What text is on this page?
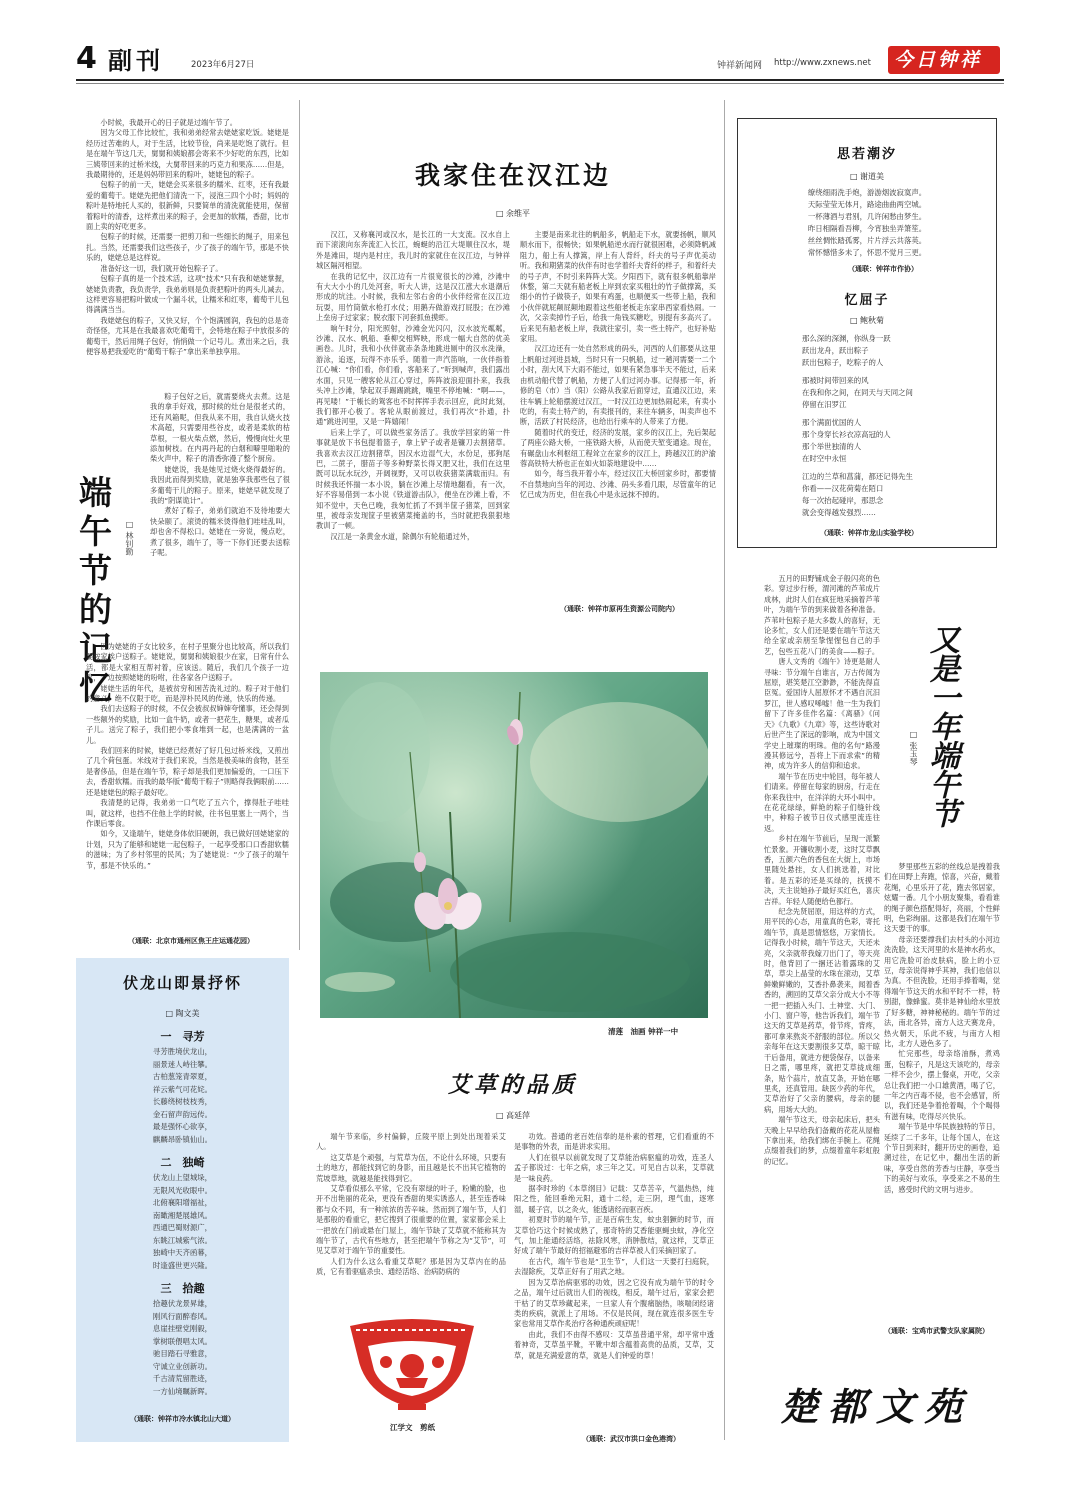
4 副刊	2023年6月27日	钟祥新闻网 http://www.zxnews.net 今日钟祥

小时候，我最开心的日子就是过端午节了。

因为父母工作比较忙，我和弟弟经常去姥姥家吃饭。姥姥是经历过苦难的人，对于生活，比较节俭，尚来是吃饱了就行。但是在端午节这几天，舅舅和姨娘都会寄来不少好吃的东西，比如三姨带回来的过桥米线，大舅带回来的巧克力和果冻……但是，我最期待的，还是妈妈带回来的粽叶，姥姥包的粽子。

包粽子的前一天，姥姥会买来很多的糯米、红枣，还有我最爱的葡萄干。姥姥先把他们清洗一下，浸泡三四个小时；妈妈的粽叶是特地托人买的，很新鲜，只要简单的清洗就能使用，保留着粽叶的清香，这样煮出来的粽子，会更加的软糯，香甜，比市面上卖的好吃更多。

包粽子的时候，还需要一把剪刀和一些细长的绳子，用来包扎。当然，还需要我们这些孩子，少了孩子的端午节，那是不快乐的，姥姥总是这样说。

准备好这一切，我们就开始包粽子了。

包粽子真的是一个技术活，这项“技术”只有我和姥姥掌握，姥姥负责教，我负责学，我弟弟则是负责把粽叶的两头儿减去。这样更容易把粽叶做成一个漏斗状，让糯米和红枣，葡萄干儿包得满满当当。

我姥姥包的粽子，又快又好，个个饱满圆润，我包的总是奇奇怪怪，尤其是在我最喜欢吃葡萄干，会特地在粽子中放很多的葡萄干，然后用绳子包好，悄悄做一个记号儿。煮出来之后，我便容易把我爱吃的“葡萄干粽子”拿出来单独享用。

端午节的记忆 □ 林钊勤

粽子包好之后，就需要烧火去煮。这是我的拿手好戏，那时候的灶台是很老式的，还有风箱呢，但我从来不用，我自认烧火技术高超，只需要用些谷皮，或者是柔软的枯草根，一根火柴点燃，然后，慢慢向灶火里添加树枝。在内再丹起的白烟和噼里啪啦的柴火声中，粽子的清香弥漫了整个厨房。

姥姥说，我是她见过烧火烧得最好的。我因此而得到奖励，就是独享我那些包了很多葡萄干儿的粽子。原来，姥姥早就发现了我的“阴谋诡计”。

煮好了粽子，弟弟们就迫不及待地要大快朵颐了。滚烫的糯米烫得他们哇哇乱叫，却也舍不得松口。姥姥在一旁说，慢点吃，煮了很多，端午了，等一下你们还要去送粽子呢。

因为姥姥的子女比较多，在村子里聚分也比较高，所以我们要按家挨户送粽子。姥姥说，舅舅和姨娘很少在家，日常有什么活，都是大家相互帮衬着，应该送。随后，我们几个孩子一边吃，一边按照姥姥的吩咐，往各家各户送粽子。

姥姥生活的年代，是被贫穷和困苦洗礼过的。粽子对于他们的意义，绝不仅限于吃，而是淳朴民风的传递，快乐的传递。

我们去送粽子的时候，不仅会被叔叔婶婶夸懂事，还会得到一些额外的奖励，比如一盒牛奶，或者一把花生，糖果，或者瓜子儿。送完了粽子，我们把小零食堆到一起，也是满满的一盆儿。

我们回来的时候，姥姥已经煮好了好几包过桥米线，又煎出了几个荷包蛋。米线对于我们来说，当然是极美味的食物，甚至是奢侈品，但是在端午节，粽子却是我们更加偏爱的，一口压下去，香甜软糯。而我的最华版“葡萄干粽子”则略得我俩眼前……还是姥姥包的粽子最好吃。

我清楚的记得，我弟弟一口气吃了五六个，撑得肚子哇哇叫，就这样，也挡不住他上学的时候，往书包里塞上一两个，当作课后零食。

如今，又逢端午，姥姥身体依旧硬朗，我已做好回姥姥家的计划，只为了能够和姥姥一起包粽子，一起享受那口口香甜软糯的滋味；为了乡村邻里的民风；为了姥姥说：“少了孩子的端午节，那是不快乐的。”

（通联：北京市通州区焦王庄运通花园）
伏龙山即景抒怀
□ 陶文美
一　寻芳
寻芳胜境伏龙山，
丽景迷人峙往攀。
古柏葱笼青翠夏，
祥云紫气可花姹。
长藤绕树枝枝秀，
金石留声韵远传。
最是强怀心欲享，
麒麟昂卧镇仙山。
二　独崎
伏龙山上望城垛，
无限风光收眼中。
北俯襄阳增福祉，
南瞰湘楚展雄风。
西通巴蜀财源广，
东眺江城紫气浓。
独崎中天齐函幕，
时逢盛世更兴隆。
三　拾趣
拾趣伏龙景昇雄，
刚风行面醉春风。
息崖挂壁党刚毅，
掌树联偎唱太风。
驰目踏石寻雅意，
守诚立业创新功。
千古清荒留胜迹，
一方仙境瞩新晖。
（通联：钟祥市冷水镇北山大道）
我家住在汉江边
□ 余维平

汉江，又称襄河或汉水，是长江的一大支流。汉水自上而下滚滚向东奔流汇入长江，蜿蜒的沿江大堤顺住汉水，堤外是滩田，堤内是村庄，我儿时的家就住在汉江边，与钟祥城区隔河相望。

在我的记忆中，汉江边有一片很宽很长的沙滩，沙滩中有大大小小的几处河套，听大人讲，这是汉江涨大水退潮后形成的坑洼。小时候，我和左邻右舍的小伙伴经常在汉江边玩耍，用竹筒做水枪打水仗；用鹅卉做游戏打屁股；在沙滩上垒房子过家家；脱衣服下河套抓鱼摸虾。

晌午时分，阳光照射，沙滩金光闪闪，汉水波光粼粼，沙滩、汉水、帆船、垂柳交相辉映，形成一幅大自然的优美画卷。儿时，我和小伙伴就赤条条地跳进厕中的汉水洗澡，游泳，追逐，玩得不亦乐乎。随着一声汽笛响，一伙伴指着江心喊：“你们看，你们看，客船来了。”听到喊声，我们露出水面，只见一艘客轮从江心穿过，阵阵波浪迎面扑来，我我头冲上沙滩，挚起双手踢踢跳跳，嘴里不停地喊：“啊——，再见喽！”于帳长的鸳客也不时挥挥手表示回应，此时此刻，我们都开心极了。客轮从眼前渡过，我们再次“扑通，扑通”跳进河里，又是一阵嬉闹！

后来上学了，可以做些家务活了。我放学回家的第一件事就是放下书包提着篮子，拿上铲子或者是镰刀去割猪草。我喜欢去汉江边割猪草，因汉水边湿气大，水份足，那狗尾巴，二蔗子，腊苗子等多种野菜长得又肥又壮，我们在这里既可以玩水玩沙，开阔视野，又可以收获猪菜满载而归。有时候我还怀揣一本小说，躺在沙滩上尽情地翻看，有一次，好不容易借到一本小说《铁道游击队》，便坐在沙滩上看，不知不觉中，天色已晚，我匆忙抓了不到半筐子猪菜，回到家里，被母亲发现筐子里被猪菜掩盖的书，当时就把我狠狠地教训了一顿。

汉江是一条黄金水道，除偶尔有轮船通过外，

主要是南来北往的帆船多，帆船走下水，就要扬帆，顺风顺水而下，很畅快；如果帆船逆水而行就很困难，必须降帆减阻力，船上有人撑篙，岸上有人背纤，纤夫的号子声优美动听。我和期猪菜的伙伴有时也学着纤夫背纤的样子，和着纤夫的号子声，不时引来阵阵大笑。夕阳西下，就有很多帆船靠岸休整，第二天就有船老板上岸到农家买粗壮的竹子做撑篙，买细小的竹子做筷子，如果有鸡蛋，也顺便买一些带上船，我和小伙伴就屁颠屁颠地跟着这些船老板走东家串西家看热闹。一次，父亲卖掉竹子后，给我一角钱买糖吃，别提有多高兴了。后来见有船老板上岸，我就往家引，卖一些土特产，也好补贴家用。

汉江边还有一处自然形成的码头，河西的人们都要从这里上帆船过河进县城，当时只有一只帆船，过一趟河需要一二个小时，刮大风下大雨不能过，如果有紧急事半天不能过，后来由机动船代替了帆船，方便了人们过河办事。记得那一年，祈修的皂（市）当（阳）公路从我家后面穿过，直通汉江边，来往车辆上轮船摆渡过汉江，一时汉江边更加热闹起来，有卖小吃的，有卖土特产的，有卖报刊的，来往车辆多，叫卖声也不断，活跃了村民经济，也给出行乘车的人带来了方便。

随着时代的变迁，经济的发展，家乡的汉江上，先后架起了两座公路大桥，一座铁路大桥，从而使天堑变通途。现在，有碾盘山水利枢纽工程耸立在家乡的汉江上，跨越汉江的沪渝蓉高铁特大桥也正在如火如荼地建设中……

如今，每当我开着小车，经过汉江大桥回家乡时，都要情不自禁地向当年的河边、沙滩、码头多看几眼，尽管童年的记忆已成为历史，但在我心中是永远抹不掉的。

（通联：钟祥市原再生资源公司院内）
清莲　油画 钟祥一中
艾草的品质
□ 高延萍

端午节来临，乡村偏僻，丘陵平原上到处出现着采艾人。

这艾草是个顽强，与荒草为伍，不论什么环境，只要有土的地方，都能找到它的身影，而且越是长不出其它植物的荒坡草地，就越是能找得到它。

艾草看似那么平常，它没有翠绿的叶子，粉嫩的脸，也开不出艳丽的花朵，更没有香甜的果实诱惑人，甚至连香味都与众不同，有一种浓浓的苦辛味。然而到了端午节，人们是那般的看重它，把它搜到了很重要的位置，家家都会采上一把放在门前或悬在门屋上，端午节缺了艾草就不能称其为端午节了，古代有些地方，甚至把端午节称之为“艾节”，可见艾草对于端午节的重要性。

人们为什么这么看重艾草呢？那是因为艾草内在的品质，它有着驱瘟杀虫、通经活络、治病防病的

功效。普通的老百姓信奉的是朴素的哲理，它们看重的不是事物的外表，而是讲求实用。

人们在很早以前就发现了艾草能治病驱瘟的功效，连圣人孟子都说过：七年之病，求三年之艾。可见自古以来，艾草就是一味良药。

据李时珍的《本草纲目》记载：艾草苦辛，气温热热，纯阳之性，能回垂绝元阳，通十二经，走三阴，理气血，逐寒湿，暖子宫，以之灸火，能透诸经而驱百疾。

初夏时节的端午节，正是百病生发，蚊虫猖獗的时节，而艾草恰巧这个时候成熟了，那奇特的艾香能驱蝇虫蚊，净化空气，加上能通经活络，祛除风寒，消肿散结，就这样，艾草正好成了端午节最好的招福避邪的吉祥草被人们采摘回家了。

在古代，端午节也是“卫生节”，人们这一天要打扫庭院，去湿除疾，艾草正好有了用武之地。

因为艾草治病驱邪的功效，因之它没有成为端午节的时令之品，端午过后就出人们的视线，相反，端午过后，家家会把干枯了的艾草珍藏起来，一旦家人有个腹痛脑热，咳喘闭经诸类的疾病，就派上了用场。不仅是民间，现在就连很多医生专家也常用艾草作炙治疗各种通疾顽症呢！

由此，我们不由得不感叹：艾草虽普通平常，却平常中透着神奇，艾草虽平靴，平靴中却含蕴着高贵的品质，艾草，艾草，就是充满爱意的草，就是人们钟爱的草！

（通联：武汉市洪口金色港湾）
江学文　剪纸
思若潮汐
□ 谢道美
缭绕细雨洗手炮，游游烟波寂寞声。
天际莹莹无体月，路途曲曲两空城。
一杯薄酒与君别，几许闲愁由梦生。
昨日相隔看吾柳，今宵独坐弄箫笙。
丝丝惆怅踏孤雾，片片浮云共落英。
常怀憾惜多未了，怀思不觉月三更。
（通联：钟祥市作协）
忆屈子
□ 鲍秋菊
那么深的深渊，你纵身一跃
跃出龙舟，跃出粽子
跃出包粽子，吃粽子的人
那被时间带回来的风
在我和你之间，在同天与天同之间
停留在汨罗江
那个满面忧国的人
那个身穿长衫衣凉高冠的人
那个举世独清的人
在时空中永恒
江边的兰草和菖蒲，都还记得先生
你看——汉花荷菊在陌口
每一次抬起碰岸，那思念
就会变得越发强烈……
（通联：钟祥市龙山实验学校）

五月的田野铺成金子般闪亮的色彩。穿过步行桥，渭河滩的芦苇成片成林，此时人们在疯狂地采摘着芦苇叶，为端午节的到来做着各种准备。芦苇叶包粽子是大多数人的喜好，无论多忙，女人们还是要在端午节这天给全家或亲朋至挚惺惺包自己的手艺，包些五花八门的美食——粽子。

唐人文秀的《端午》诗更是耐人寻味：节分端午自谁言，万古传闻为屈原，堪笑楚江空渺渺，不能洗得直臣冤。爱国诗人屈原怀才不遇自沉汨罗江，世人感叹唏嘘！他一生为我们留下了许多佳作名篇：《离骚》《问天》《九歌》《九章》等，这些诗歌对后世产生了深远的影响，成为中国文学史上璀璨的明珠。他的名句“路漫漫其修远兮，吾将上下而求索”的精神，成为许多人的信仰和追求。

端午节在历史中轮回，每年被人们请来。停留在每家的厨房，行走在你来我往中，在洋洋的大环小叫中。在花花绿绿，鲜艳的粽子们缝针线中，种粽子被节日仪式感里流连往返。

乡村在端午节前后，呈现一派繁忙景象。开镰收割小麦，这时艾草飘香，五颜六色的香包在大街上，市场里随处悬挂，女人们挑选着，对比着。是五彩的还是买绿的，抚摸不决，天主说她孙子最好买红色，喜庆吉祥。年轻人随便给色都行。

纪念先贤屈原，用这样的方式，用平民的心态，用童真的色彩，寄托端午节，真是思情悠悠，万家情长。记得我小时候，端午节这天，天还未亮，父亲就带我嫁刀出门了，等天亮时，他背回了一捆还沾着露珠的艾草，草尖上晶莹的水珠在滚动，艾草鲜嫩鲜嫩的，艾香扑鼻袭来，闻着香香的，溯回的艾草父亲分成大小不等一把一把插入头门、土神堂、大门、小门、窗户等，他告诉我们，端午节这天的艾草是药草，骨节疼，背疼，都可拿来熬炎不舒服的部位。所以父亲每年在这天要割很多艾草，晾干晾干后备用，就进方便袋保存，以备来日之需，哪里疼，就把艾草拢成细条，贴个蒜片，放直艾条，开始在哪里炙，还真管用。缺医少药的年代，艾草治好了父亲的腰病，母亲的腿病，用场大大的。

端午节这天，母亲起床后，把头天晚上早早给我们备戴的花花从屋檐下拿出来，给我们绑在手腕上。花绳点缀着我们的梦，点缀着童年彩虹般的记忆。

又是一年端午节
□ 张玉琴

梦里那些五彩的丝线总是拽着我们在田野上奔跑，惊喜，兴奋，戴着花绳，心里乐开了花，跑去邻居家，炫耀一番。几个小朋友聚集，看看谁的绳子颜色搭配得好，亮丽，个性鲜明，色彩绚丽。这都是我们在端午节这天要干的事。

母亲还要撑我们去村头的小河边洗洗脸，这天河里的水是神水药水，用它洗脸可治皮肤病，脸上的小豆豆，母亲说得神乎其神，我们也信以为真。不但洗脸，还用手捧着喝，觉得端午节这天的水和平时不一样，特别甜，像蜂蜜。莫非是神仙给水里放了好多糖，神神秘秘的。端午节的过法，南北各异，南方人这天赛龙舟，热火朝天，乐此不疲，与南方人相比，北方人逊色多了。

忙完那些，母亲络油酥，煮鸡蛋，包粽子，凡是这天该吃的，母亲一样不会少，摆上餐桌，开吃，父亲总让我们把一小口雄黄酒，喝了它，一年之内百毒不侵，也不会感冒，所以，我们还是争着抢着喝，个个喝得有滋有味，吃得尽兴快乐。

端午节是中华民族独特的节日，延续了二千多年，让每个国人，在这个节日到来时，翻开历史的画卷，追溯过往，在记忆中，翻出生活的新味，享受自然的芳香与庄静，享受当下的美好与欢乐，享受来之不易的生活，感受时代的文明与进步。

（通联：宝鸡市武警支队家属院）
楚都文苑
